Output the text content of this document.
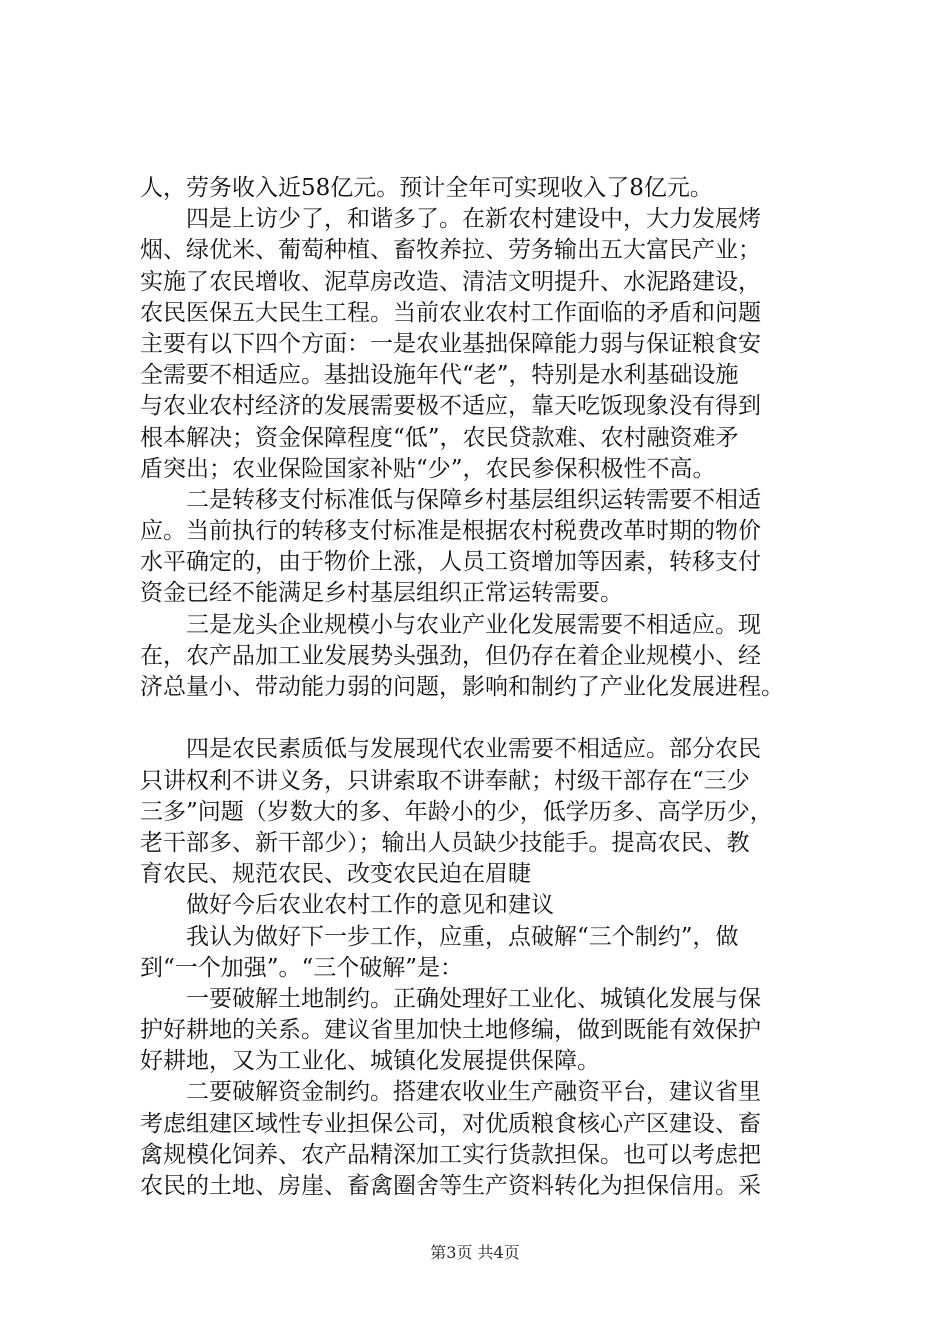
人，劳务收入近58亿元。预计全年可实现收入了8亿元。
四是上访少了，和谐多了。在新农村建设中，大力发展烤
烟、绿优米、葡萄种植、畜牧养拉、劳务输出五大富民产业；
实施了农民增收、泥草房改造、清洁文明提升、水泥路建设，
农民医保五大民生工程。当前农业农村工作面临的矛盾和问题
主要有以下四个方面：一是农业基拙保障能力弱与保证粮食安
全需要不相适应。基拙设施年代“老”，特别是水利基础设施
与农业农村经济的发展需要极不适应，靠天吃饭现象没有得到
根本解决；资金保障程度“低”，农民贷款难、农村融资难矛
盾突出；农业保险国家补贴“少”，农民参保积极性不高。
二是转移支付标准低与保障乡村基层组织运转需要不相适
应。当前执行的转移支付标准是根据农村税费改革时期的物价
水平确定的，由于物价上涨，人员工资增加等因素，转移支付
资金已经不能满足乡村基层组织正常运转需要。
三是龙头企业规模小与农业产业化发展需要不相适应。现
在，农产品加工业发展势头强劲，但仍存在着企业规模小、经
济总量小、带动能力弱的问题，影响和制约了产业化发展进程。
四是农民素质低与发展现代农业需要不相适应。部分农民
只讲权利不讲义务，只讲索取不讲奉献；村级干部存在“三少
三多”问题（岁数大的多、年龄小的少，低学历多、高学历少，
老干部多、新干部少）；输出人员缺少技能手。提高农民、教
育农民、规范农民、改变农民迫在眉睫
做好今后农业农村工作的意见和建议
我认为做好下一步工作，应重，点破解“三个制约”，做
到“一个加强”。“三个破解”是：
一要破解土地制约。正确处理好工业化、城镇化发展与保
护好耕地的关系。建议省里加快土地修编，做到既能有效保护
好耕地，又为工业化、城镇化发展提供保障。
二要破解资金制约。搭建农收业生产融资平台，建议省里
考虑组建区域性专业担保公司，对优质粮食核心产区建设、畜
禽规模化饲养、农产品精深加工实行货款担保。也可以考虑把
农民的土地、房崖、畜禽圈舍等生产资料转化为担保信用。采
第3页 共4页
